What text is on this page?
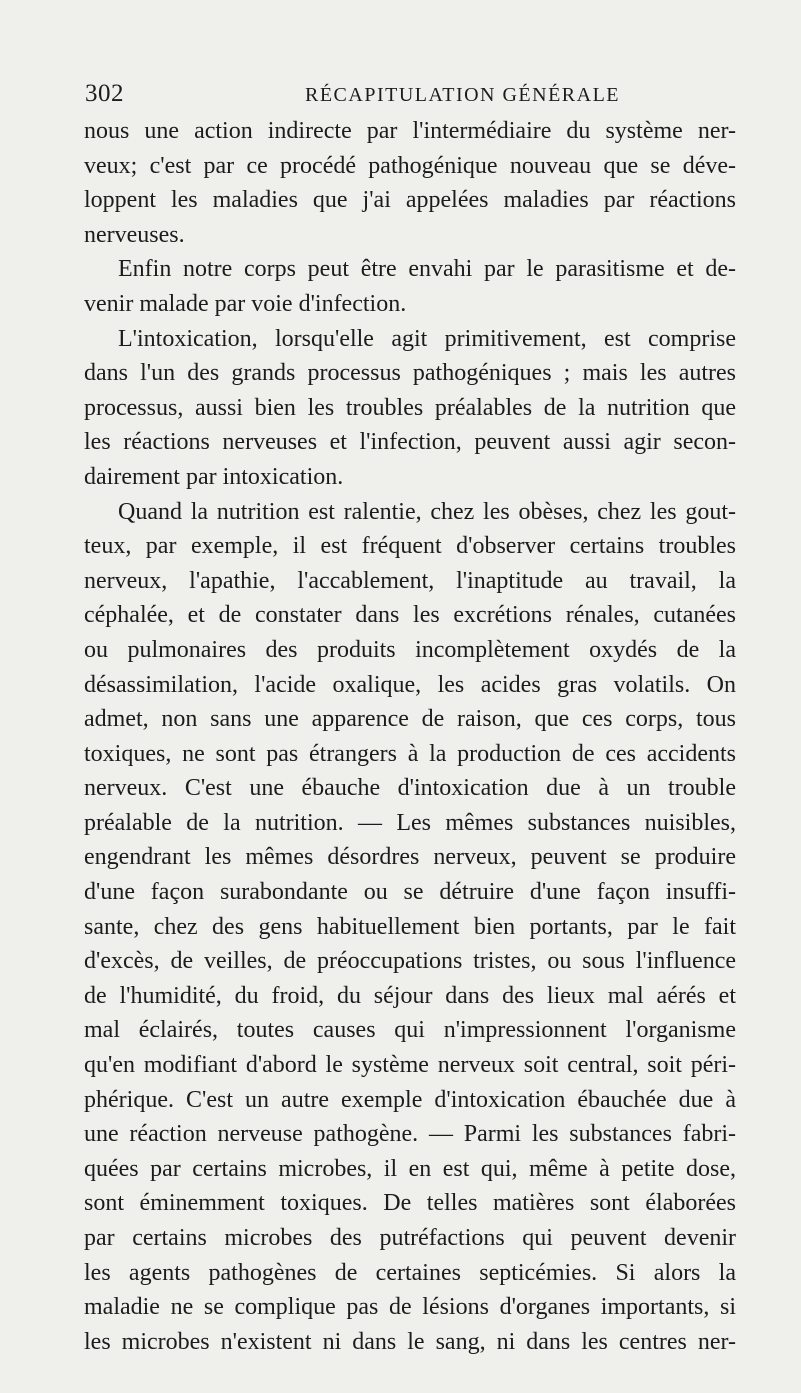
302	RÉCAPITULATION GÉNÉRALE
nous une action indirecte par l'intermédiaire du système ner-
veux; c'est par ce procédé pathogénique nouveau que se déve-
loppent les maladies que j'ai appelées maladies par réactions
nerveuses.
Enfin notre corps peut être envahi par le parasitisme et de-
venir malade par voie d'infection.
L'intoxication, lorsqu'elle agit primitivement, est comprise
dans l'un des grands processus pathogéniques ; mais les autres
processus, aussi bien les troubles préalables de la nutrition que
les réactions nerveuses et l'infection, peuvent aussi agir secon-
dairement par intoxication.
Quand la nutrition est ralentie, chez les obèses, chez les gout-
teux, par exemple, il est fréquent d'observer certains troubles
nerveux, l'apathie, l'accablement, l'inaptitude au travail, la
céphalée, et de constater dans les excrétions rénales, cutanées
ou pulmonaires des produits incomplètement oxydés de la
désassimilation, l'acide oxalique, les acides gras volatils. On
admet, non sans une apparence de raison, que ces corps, tous
toxiques, ne sont pas étrangers à la production de ces accidents
nerveux. C'est une ébauche d'intoxication due à un trouble
préalable de la nutrition. — Les mêmes substances nuisibles,
engendrant les mêmes désordres nerveux, peuvent se produire
d'une façon surabondante ou se détruire d'une façon insuffi-
sante, chez des gens habituellement bien portants, par le fait
d'excès, de veilles, de préoccupations tristes, ou sous l'influence
de l'humidité, du froid, du séjour dans des lieux mal aérés et
mal éclairés, toutes causes qui n'impressionnent l'organisme
qu'en modifiant d'abord le système nerveux soit central, soit péri-
phérique. C'est un autre exemple d'intoxication ébauchée due à
une réaction nerveuse pathogène. — Parmi les substances fabri-
quées par certains microbes, il en est qui, même à petite dose,
sont éminemment toxiques. De telles matières sont élaborées
par certains microbes des putréfactions qui peuvent devenir
les agents pathogènes de certaines septicémies. Si alors la
maladie ne se complique pas de lésions d'organes importants, si
les microbes n'existent ni dans le sang, ni dans les centres ner-
